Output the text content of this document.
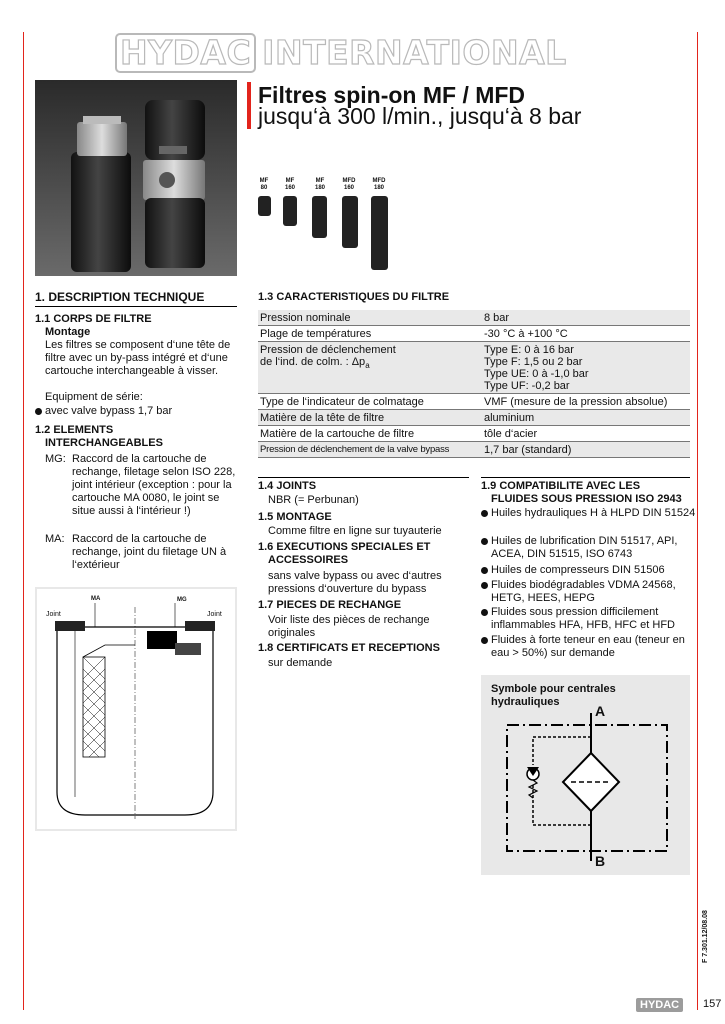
HYDAC INTERNATIONAL
Filtres spin-on MF / MFD
jusqu‘à 300 l/min., jusqu‘à 8 bar
MF
80
MF
160
MF
180
MFD
160
MFD
180
1. DESCRIPTION TECHNIQUE
1.1 CORPS DE FILTRE
Montage
Les filtres se composent d‘une tête de filtre avec un by-pass intégré et d‘une cartouche interchangeable à visser.
Equipment de série:
avec valve bypass 1,7 bar
1.2 ELEMENTS
INTERCHANGEABLES
MG: Raccord de la cartouche de rechange, filetage selon ISO 228, joint intérieur (exception : pour la cartouche MA 0080, le joint se situe aussi à l‘intérieur !)
MA: Raccord de la cartouche de rechange, joint du filetage UN à l‘extérieur
MA	MG
Joint	Joint
1.3 CARACTERISTIQUES DU FILTRE
Pression nominale	8 bar
Plage de températures	-30 °C à +100 °C
Pression de déclenchement
de l‘ind. de colm. : $\Delta p_a$	Type E: 0 à 16 bar
Type F: 1,5 ou 2 bar
Type UE: 0 à -1,0 bar
Type UF: -0,2 bar
Type de l‘indicateur de colmatage	VMF (mesure de la pression absolue)
Matière de la tête de filtre	aluminium
Matière de la cartouche de filtre	tôle d‘acier
Pression de déclenchement de la valve bypass	1,7 bar (standard)
1.4 JOINTS
NBR (= Perbunan)
1.5 MONTAGE
Comme filtre en ligne sur tuyauterie
1.6 EXECUTIONS SPECIALES ET
ACCESSOIRES
sans valve bypass ou avec d‘autres pressions d‘ouverture du bypass
1.7 PIECES DE RECHANGE
Voir liste des pièces de rechange originales
1.8 CERTIFICATS ET RECEPTIONS
sur demande
1.9 COMPATIBILITE AVEC LES
FLUIDES SOUS PRESSION ISO 2943
Huiles hydrauliques H à HLPD DIN 51524
Huiles de lubrification DIN 51517, API, ACEA, DIN 51515, ISO 6743
Huiles de compresseurs DIN 51506
Fluides biodégradables VDMA 24568, HETG, HEES, HEPG
Fluides sous pression difficilement inflammables HFA, HFB, HFC et HFD
Fluides à forte teneur en eau (teneur en eau > 50%) sur demande
Symbole pour centrales
hydrauliques
A
B
F 7.301.12/08.08
HYDAC	157
